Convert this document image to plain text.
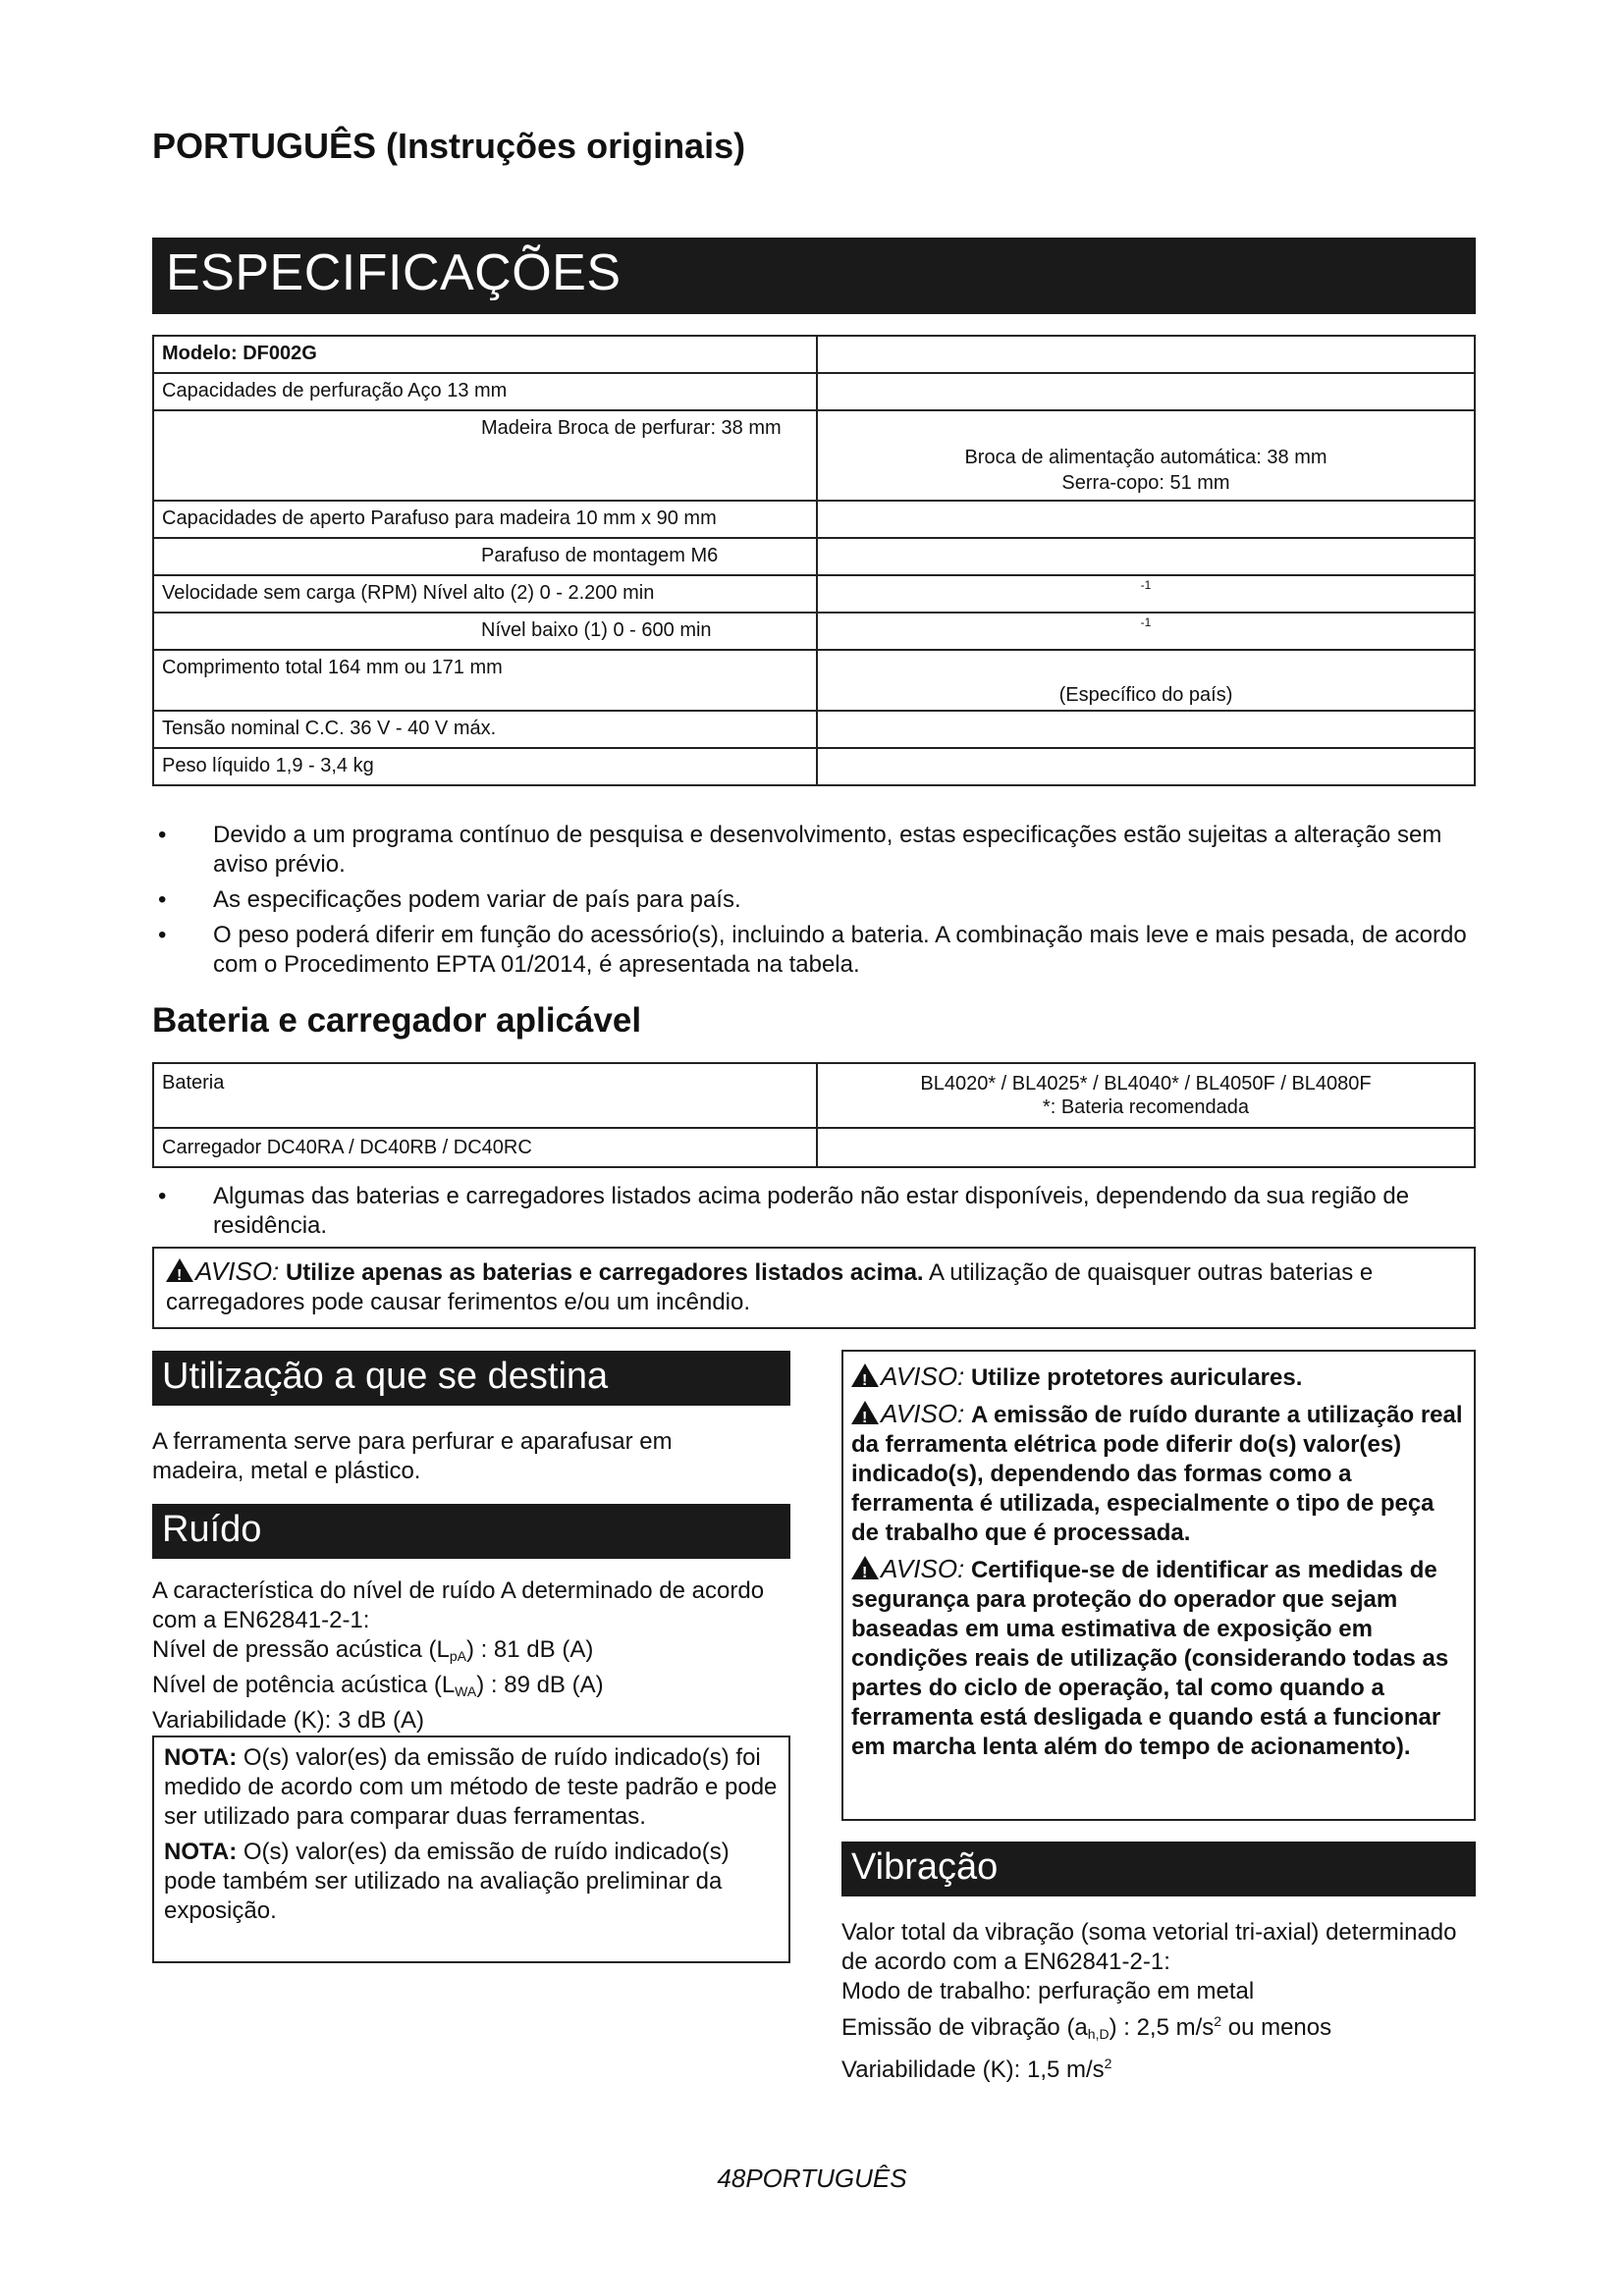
PORTUGUÊS (Instruções originais)
ESPECIFICAÇÕES
Modelo: DF002G	
Capacidades de perfuração Aço 13 mm	
Madeira Broca de perfurar: 38 mm	Broca de alimentação automática: 38 mm
Serra-copo: 51 mm

Capacidades de aperto Parafuso para madeira 10 mm x 90 mm	
Parafuso de montagem M6	
Velocidade sem carga (RPM) Nível alto (2) 0 - 2.200 min	-1
Nível baixo (1) 0 - 600 min	-1
Comprimento total 164 mm ou 171 mm	(Específico do país)
Tensão nominal C.C. 36 V - 40 V máx.	
Peso líquido 1,9 - 3,4 kg	
• Devido a um programa contínuo de pesquisa e desenvolvimento, estas especificações estão sujeitas a alteração sem aviso prévio.
• As especificações podem variar de país para país.
• O peso poderá diferir em função do acessório(s), incluindo a bateria. A combinação mais leve e mais pesada, de acordo com o Procedimento EPTA 01/2014, é apresentada na tabela.
Bateria e carregador aplicável
Bateria	BL4020* / BL4025* / BL4040* / BL4050F / BL4080F
*: Bateria recomendada

Carregador DC40RA / DC40RB / DC40RC	
• Algumas das baterias e carregadores listados acima poderão não estar disponíveis, dependendo da sua região de residência.
!AVISO: Utilize apenas as baterias e carregadores listados acima. A utilização de quaisquer outras baterias e carregadores pode causar ferimentos e/ou um incêndio.
Utilização a que se destina
A ferramenta serve para perfurar e aparafusar em madeira, metal e plástico.
Ruído
A característica do nível de ruído A determinado de acordo com a EN62841-2-1:
Nível de pressão acústica (LpA) : 81 dB (A)
Nível de potência acústica (LWA) : 89 dB (A)
Variabilidade (K): 3 dB (A)

NOTA: O(s) valor(es) da emissão de ruído indicado(s) foi medido de acordo com um método de teste padrão e pode ser utilizado para comparar duas ferramentas.

NOTA: O(s) valor(es) da emissão de ruído indicado(s) pode também ser utilizado na avaliação preliminar da exposição.

!AVISO: Utilize protetores auriculares.

!AVISO: A emissão de ruído durante a utilização real da ferramenta elétrica pode diferir do(s) valor(es) indicado(s), dependendo das formas como a ferramenta é utilizada, especialmente o tipo de peça de trabalho que é processada.

!AVISO: Certifique-se de identificar as medidas de segurança para proteção do operador que sejam baseadas em uma estimativa de exposição em condições reais de utilização (considerando todas as partes do ciclo de operação, tal como quando a ferramenta está desligada e quando está a funcionar em marcha lenta além do tempo de acionamento).

Vibração
Valor total da vibração (soma vetorial tri-axial) determinado de acordo com a EN62841-2-1:
Modo de trabalho: perfuração em metal
Emissão de vibração (ah,D) : 2,5 $m/s^2$ ou menos
Variabilidade (K): 1,5 $m/s^2$
48PORTUGUÊS
